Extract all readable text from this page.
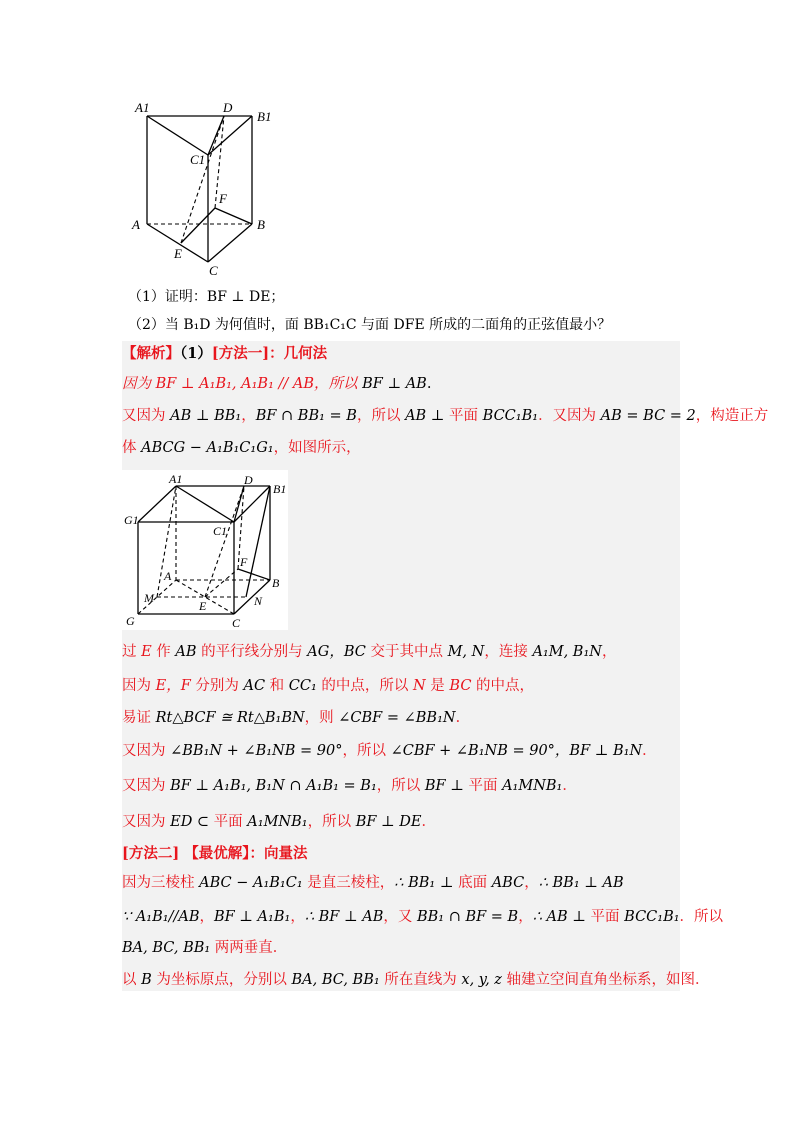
A1	D
B1
C1
F
A	B
E
C
（1）证明：BF ⊥ DE；
（2）当 B₁D 为何值时，面 BB₁C₁C 与面 DFE 所成的二面角的正弦值最小？
【解析】（1）[方法一]：几何法
因为 BF ⊥ A₁B₁, A₁B₁ // AB，所以 BF ⊥ AB.
又因为 AB ⊥ BB₁，BF ∩ BB₁ = B，所以 AB ⊥ 平面 BCC₁B₁．又因为 AB = BC = 2，构造正方
体 ABCG − A₁B₁C₁G₁，如图所示，
A1	D
B1
G1
C1
F
A	B
M
E	N
G	C
过 E 作 AB 的平行线分别与 AG，BC 交于其中点 M, N，连接 A₁M, B₁N，
因为 E，F 分别为 AC 和 CC₁ 的中点，所以 N 是 BC 的中点，
易证 Rt△BCF ≅ Rt△B₁BN，则 ∠CBF = ∠BB₁N．
又因为 ∠BB₁N + ∠B₁NB = 90°，所以 ∠CBF + ∠B₁NB = 90°，BF ⊥ B₁N．
又因为 BF ⊥ A₁B₁, B₁N ∩ A₁B₁ = B₁，所以 BF ⊥ 平面 A₁MNB₁．
又因为 ED ⊂ 平面 A₁MNB₁，所以 BF ⊥ DE．
[方法二] 【最优解】：向量法
因为三棱柱 ABC − A₁B₁C₁ 是直三棱柱，∴ BB₁ ⊥ 底面 ABC，∴ BB₁ ⊥ AB
∵ A₁B₁//AB，BF ⊥ A₁B₁，∴ BF ⊥ AB，又 BB₁ ∩ BF = B，∴ AB ⊥ 平面 BCC₁B₁．所以
BA, BC, BB₁ 两两垂直．
以 B 为坐标原点，分别以 BA, BC, BB₁ 所在直线为 x, y, z 轴建立空间直角坐标系，如图．
